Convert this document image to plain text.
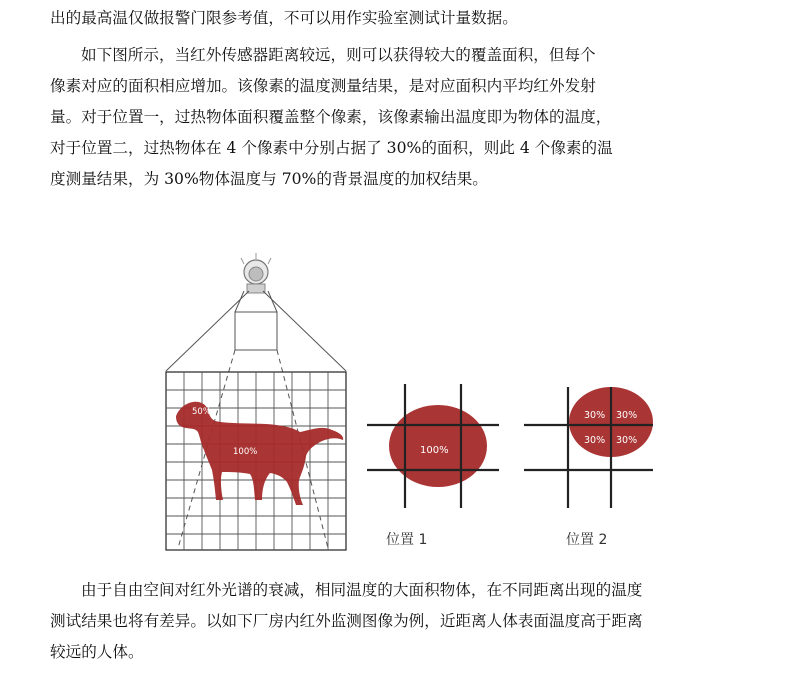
出的最高温仅做报警门限参考值，不可以用作实验室测试计量数据。
如下图所示，当红外传感器距离较远，则可以获得较大的覆盖面积，但每个
像素对应的面积相应增加。该像素的温度测量结果，是对应面积内平均红外发射
量。对于位置一，过热物体面积覆盖整个像素，该像素输出温度即为物体的温度，
对于位置二，过热物体在 4 个像素中分别占据了 30%的面积，则此 4 个像素的温
度测量结果，为 30%物体温度与 70%的背景温度的加权结果。
50%
100%	100%
30% 30%
30% 30%
位置 1	位置 2
由于自由空间对红外光谱的衰减，相同温度的大面积物体，在不同距离出现的温度
测试结果也将有差异。以如下厂房内红外监测图像为例，近距离人体表面温度高于距离
较远的人体。
